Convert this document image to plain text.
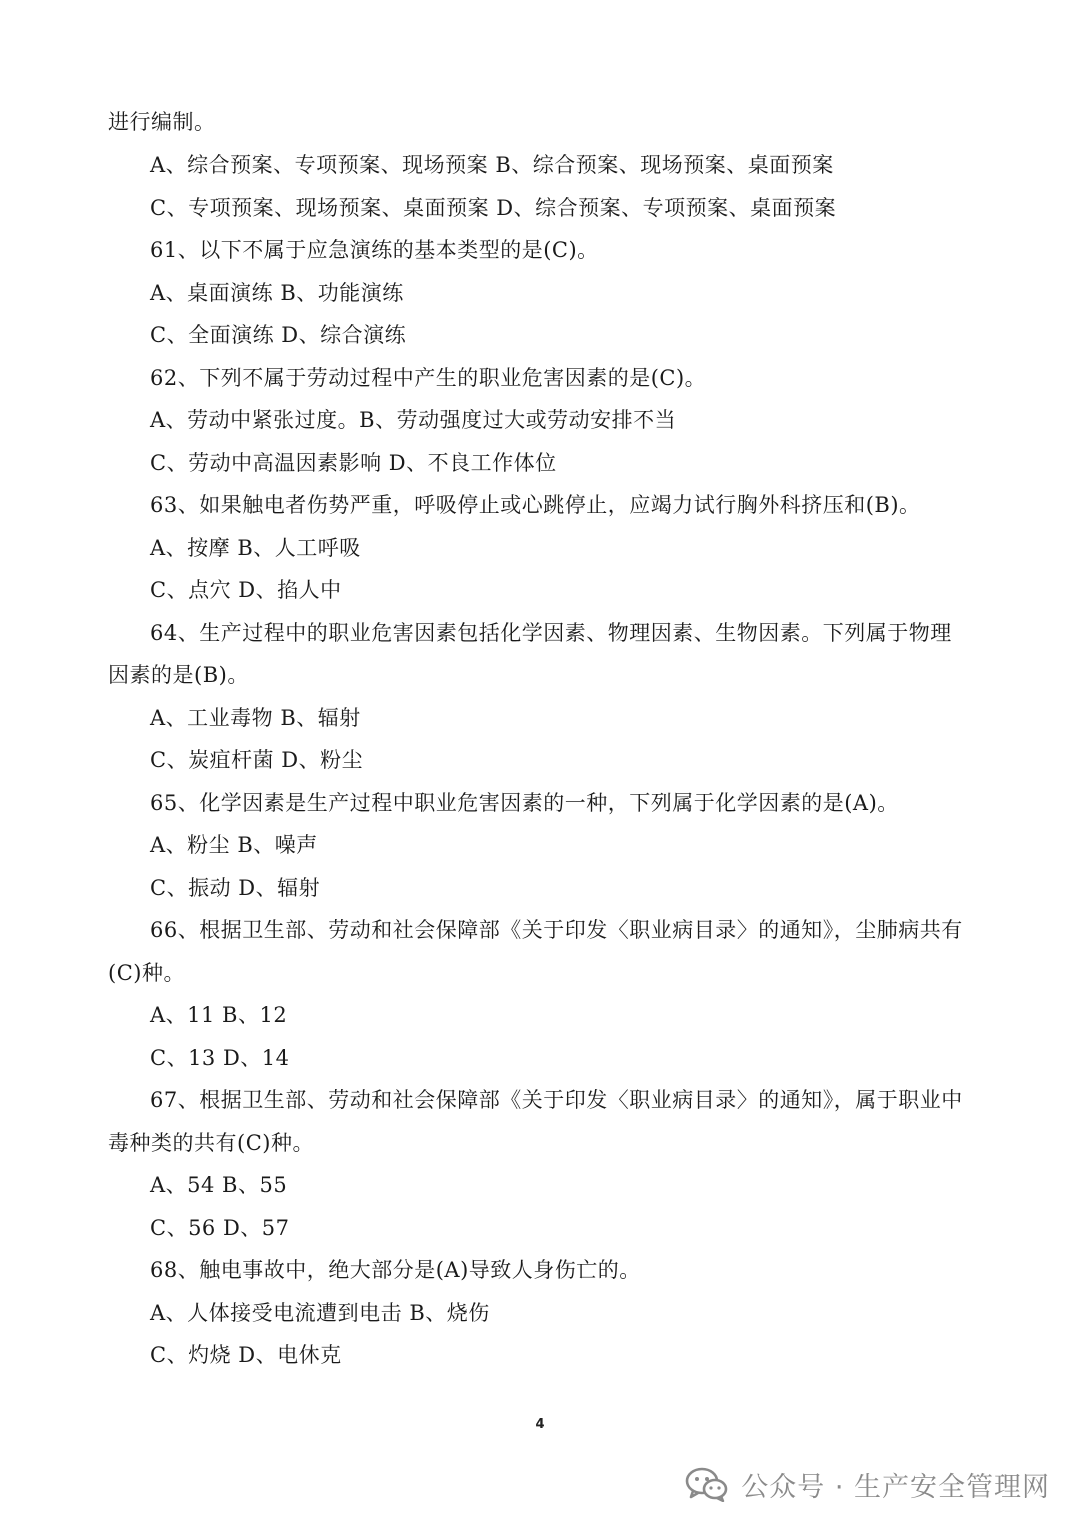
进行编制。
A、综合预案、专项预案、现场预案 B、综合预案、现场预案、桌面预案
C、专项预案、现场预案、桌面预案 D、综合预案、专项预案、桌面预案
61、以下不属于应急演练的基本类型的是(C)。
A、桌面演练 B、功能演练
C、全面演练 D、综合演练
62、下列不属于劳动过程中产生的职业危害因素的是(C)。
A、劳动中紧张过度。B、劳动强度过大或劳动安排不当
C、劳动中高温因素影响 D、不良工作体位
63、如果触电者伤势严重，呼吸停止或心跳停止，应竭力试行胸外科挤压和(B)。
A、按摩 B、人工呼吸
C、点穴 D、掐人中
64、生产过程中的职业危害因素包括化学因素、物理因素、生物因素。下列属于物理
因素的是(B)。
A、工业毒物 B、辐射
C、炭疽杆菌 D、粉尘
65、化学因素是生产过程中职业危害因素的一种，下列属于化学因素的是(A)。
A、粉尘 B、噪声
C、振动 D、辐射
66、根据卫生部、劳动和社会保障部《关于印发〈职业病目录〉的通知》，尘肺病共有
(C)种。
A、11 B、12
C、13 D、14
67、根据卫生部、劳动和社会保障部《关于印发〈职业病目录〉的通知》，属于职业中
毒种类的共有(C)种。
A、54 B、55
C、56 D、57
68、触电事故中，绝大部分是(A)导致人身伤亡的。
A、人体接受电流遭到电击 B、烧伤
C、灼烧 D、电休克
4
公众号 · 生产安全管理网
